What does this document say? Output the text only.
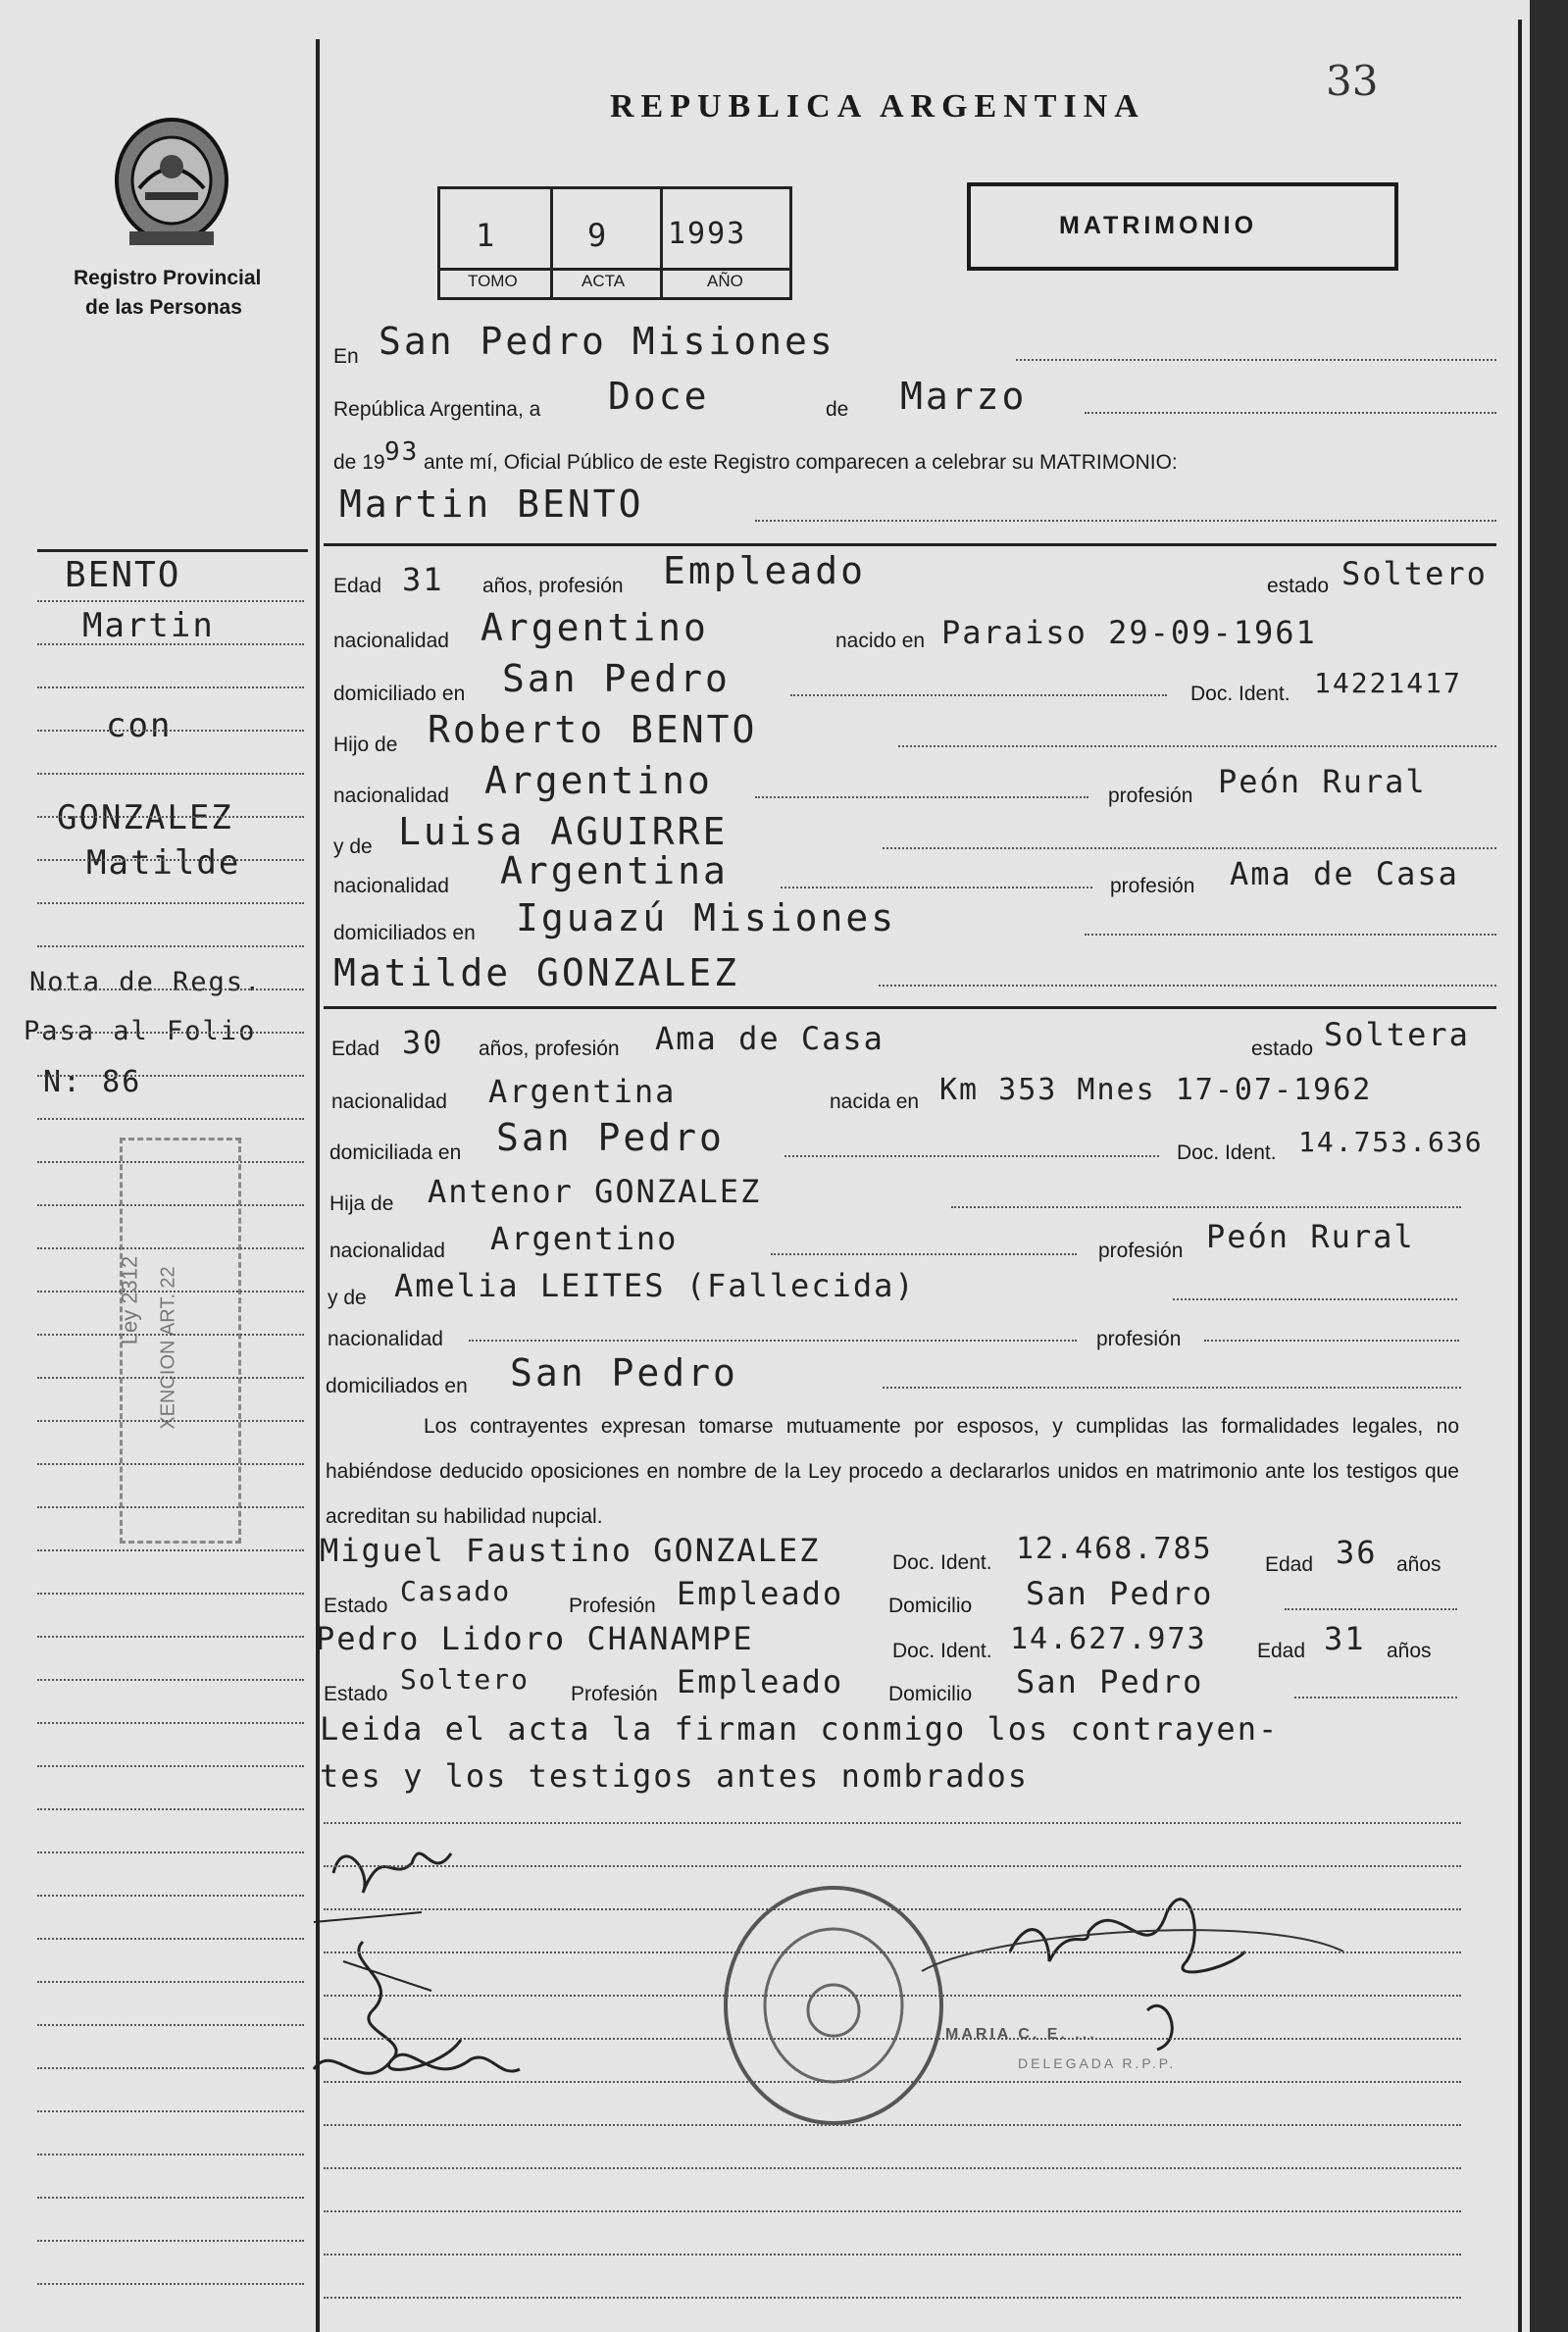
Registro Provincial
de las Personas
REPUBLICA ARGENTINA
33
1	9 1993
TOMO	ACTA	AÑO
MATRIMONIO
En San Pedro Misiones
República Argentina, a Doce	de Marzo
de 19 93 ante mí, Oficial Público de este Registro comparecen a celebrar su MATRIMONIO:
Martin BENTO
Edad 31 años, profesión Empleado	estado Soltero
nacionalidad Argentino	nacido en Paraiso 29-09-1961
domiciliado en San Pedro	Doc. Ident. 14221417
Hijo de Roberto BENTO
nacionalidad Argentino	profesión Peón Rural
y de Luisa AGUIRRE
nacionalidad Argentina	profesión Ama de Casa
domiciliados en Iguazú Misiones
Matilde GONZALEZ
Edad 30 años, profesión Ama de Casa	estado Soltera
nacionalidad Argentina	nacida en Km 353 Mnes 17-07-1962
domiciliada en San Pedro	Doc. Ident. 14.753.636
Hija de Antenor GONZALEZ
nacionalidad Argentino	profesión Peón Rural
y de Amelia LEITES (Fallecida)
nacionalidad	profesión
domiciliados en San Pedro
Los contrayentes expresan tomarse mutuamente por esposos, y cumplidas las formalidades legales, no habiéndose deducido oposiciones en nombre de la Ley procedo a declararlos unidos en matrimonio ante los testigos que acreditan su habilidad nupcial.
Miguel Faustino GONZALEZ	Doc. Ident. 12.468.785	Edad 36 años
Estado Casado	Profesión Empleado Domicilio San Pedro
Pedro Lidoro CHANAMPE	Doc. Ident. 14.627.973 Edad 31 años
Estado Soltero Profesión Empleado Domicilio San Pedro
Leida el acta la firman conmigo los contrayen-
tes y los testigos antes nombrados
MARIA C. E. ...
DELEGADA R.P.P.
BENTO
Martin
con
GONZALEZ
Matilde
Nota de Regs.
Pasa al Folio
N: 86
Ley 2312 XENCION ART. 22
